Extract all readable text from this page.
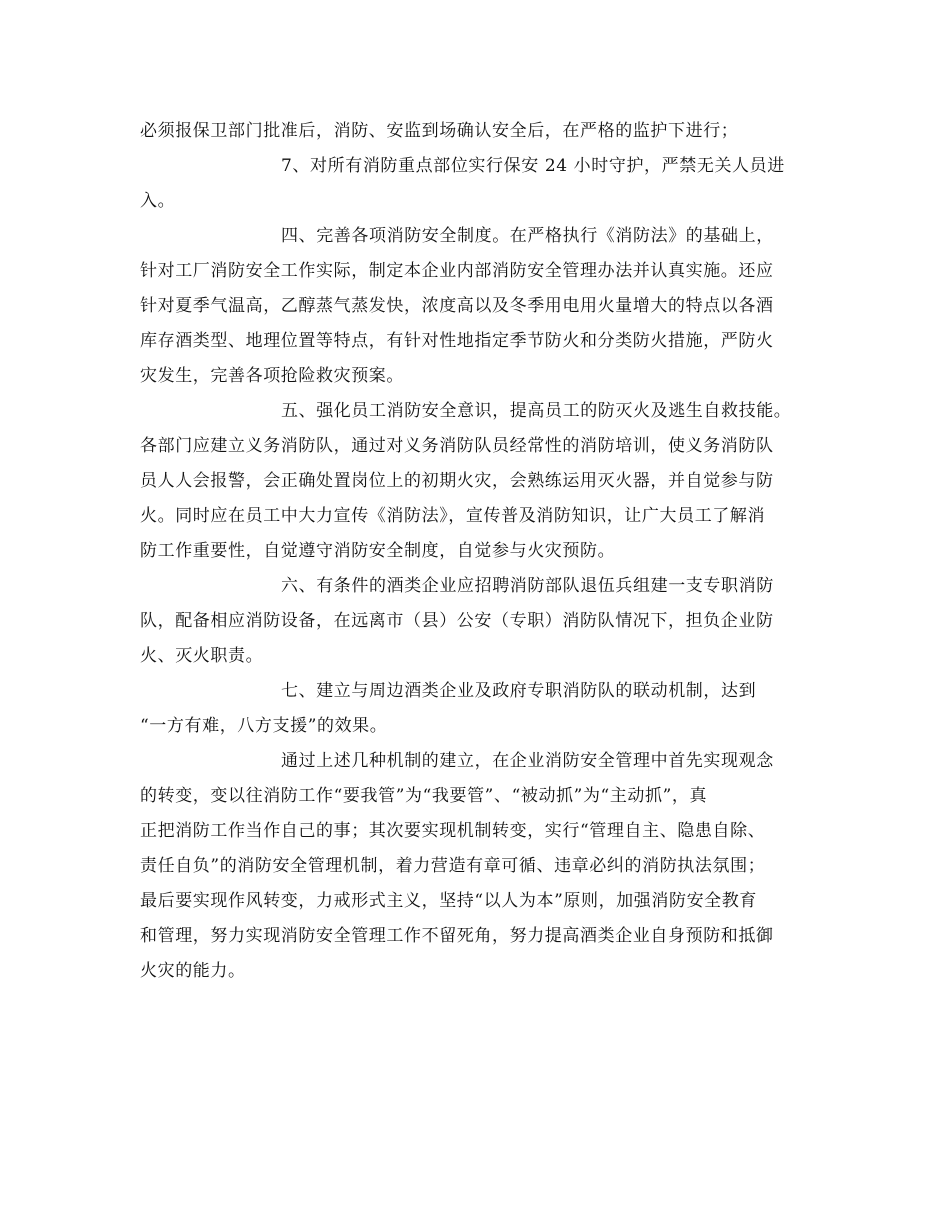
必须报保卫部门批准后，消防、安监到场确认安全后，在严格的监护下进行；
7、对所有消防重点部位实行保安 24 小时守护，严禁无关人员进
入。
四、完善各项消防安全制度。在严格执行《消防法》的基础上，
针对工厂消防安全工作实际，制定本企业内部消防安全管理办法并认真实施。还应
针对夏季气温高，乙醇蒸气蒸发快，浓度高以及冬季用电用火量增大的特点以各酒
库存酒类型、地理位置等特点，有针对性地指定季节防火和分类防火措施，严防火
灾发生，完善各项抢险救灾预案。
五、强化员工消防安全意识，提高员工的防灭火及逃生自救技能。
各部门应建立义务消防队，通过对义务消防队员经常性的消防培训，使义务消防队
员人人会报警，会正确处置岗位上的初期火灾，会熟练运用灭火器，并自觉参与防
火。同时应在员工中大力宣传《消防法》，宣传普及消防知识，让广大员工了解消
防工作重要性，自觉遵守消防安全制度，自觉参与火灾预防。
六、有条件的酒类企业应招聘消防部队退伍兵组建一支专职消防
队，配备相应消防设备，在远离市（县）公安（专职）消防队情况下，担负企业防
火、灭火职责。
七、建立与周边酒类企业及政府专职消防队的联动机制，达到
“一方有难，八方支援”的效果。
通过上述几种机制的建立，在企业消防安全管理中首先实现观念
的转变，变以往消防工作“要我管”为“我要管”、“被动抓”为“主动抓”，真
正把消防工作当作自己的事；其次要实现机制转变，实行“管理自主、隐患自除、
责任自负”的消防安全管理机制，着力营造有章可循、违章必纠的消防执法氛围；
最后要实现作风转变，力戒形式主义，坚持“以人为本”原则，加强消防安全教育
和管理，努力实现消防安全管理工作不留死角，努力提高酒类企业自身预防和抵御
火灾的能力。
